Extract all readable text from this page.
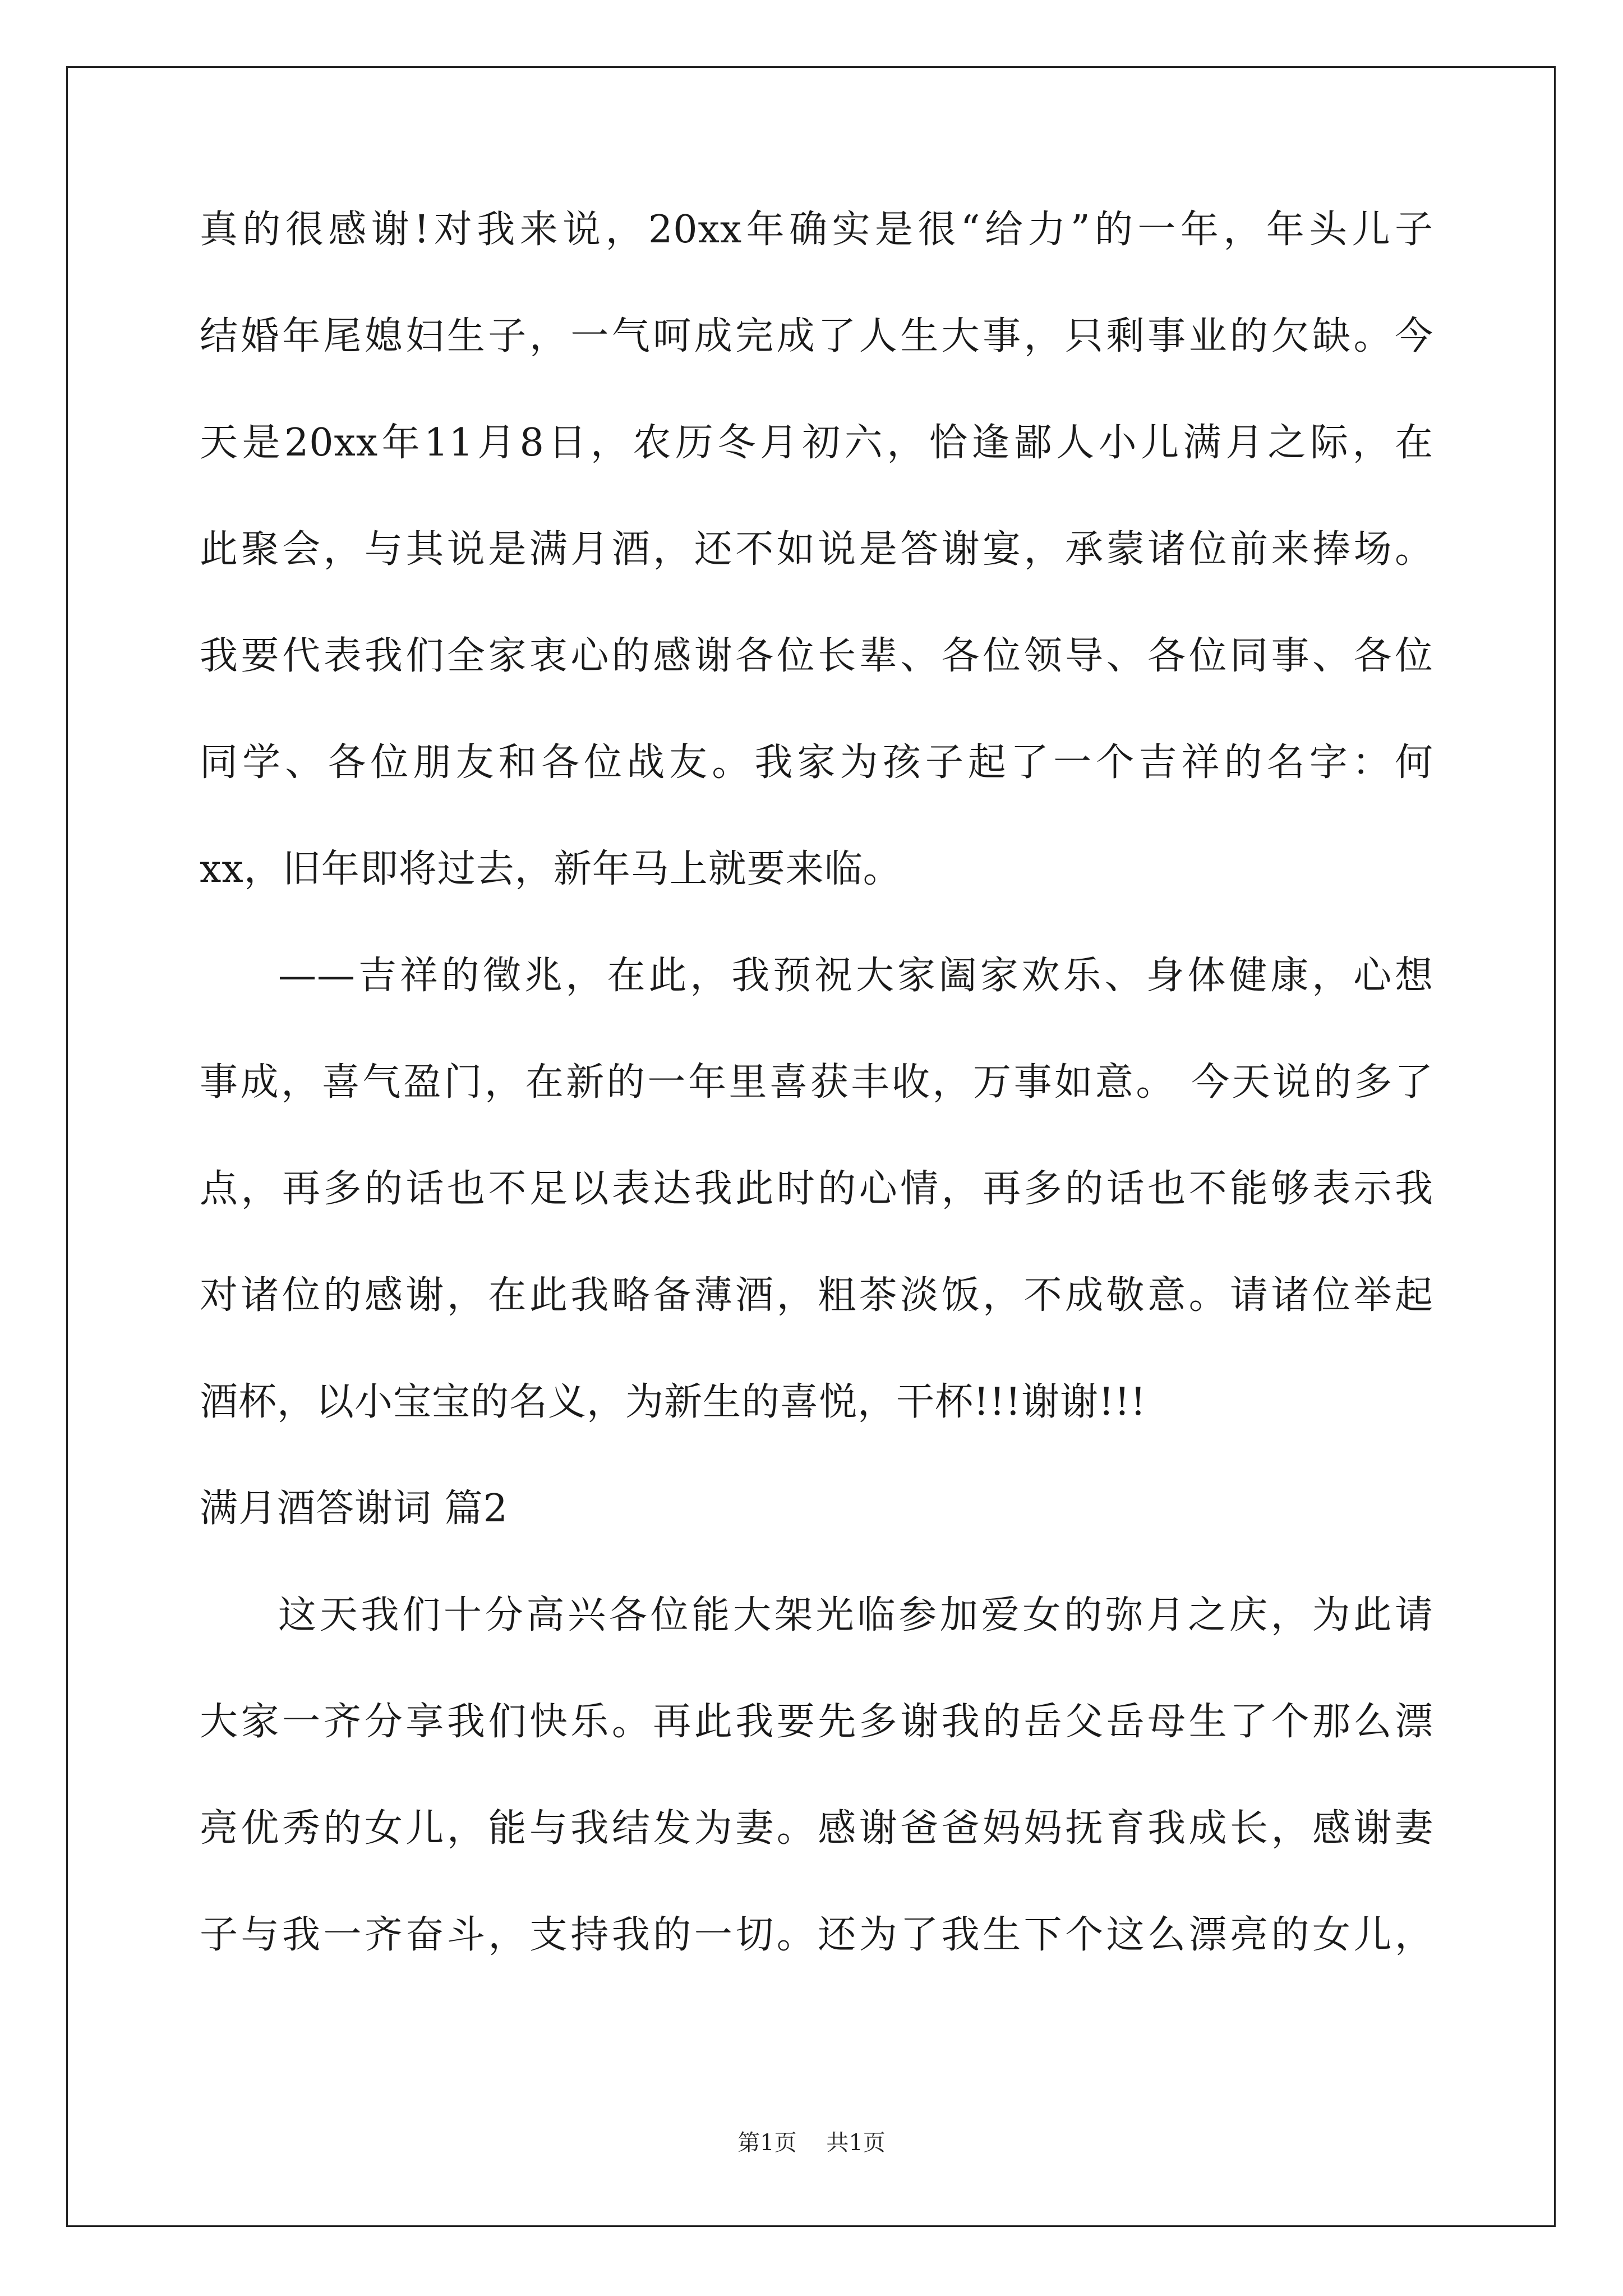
真的很感谢!对我来说，20xx年确实是很“给力”的一年，年头儿子

结婚年尾媳妇生子，一气呵成完成了人生大事，只剩事业的欠缺。今

天是20xx年11月8日，农历冬月初六，恰逢鄙人小儿满月之际，在

此聚会，与其说是满月酒，还不如说是答谢宴，承蒙诸位前来捧场。

我要代表我们全家衷心的感谢各位长辈、各位领导、各位同事、各位

同学、各位朋友和各位战友。我家为孩子起了一个吉祥的名字：何

xx，旧年即将过去，新年马上就要来临。

——吉祥的徵兆，在此，我预祝大家阖家欢乐、身体健康，心想

事成，喜气盈门，在新的一年里喜获丰收，万事如意。 今天说的多了

点，再多的话也不足以表达我此时的心情，再多的话也不能够表示我

对诸位的感谢，在此我略备薄酒，粗茶淡饭，不成敬意。请诸位举起

酒杯，以小宝宝的名义，为新生的喜悦，干杯!!!谢谢!!!

满月酒答谢词 篇2

这天我们十分高兴各位能大架光临参加爱女的弥月之庆，为此请

大家一齐分享我们快乐。再此我要先多谢我的岳父岳母生了个那么漂

亮优秀的女儿，能与我结发为妻。感谢爸爸妈妈抚育我成长，感谢妻

子与我一齐奋斗，支持我的一切。还为了我生下个这么漂亮的女儿，

第1页 共1页
